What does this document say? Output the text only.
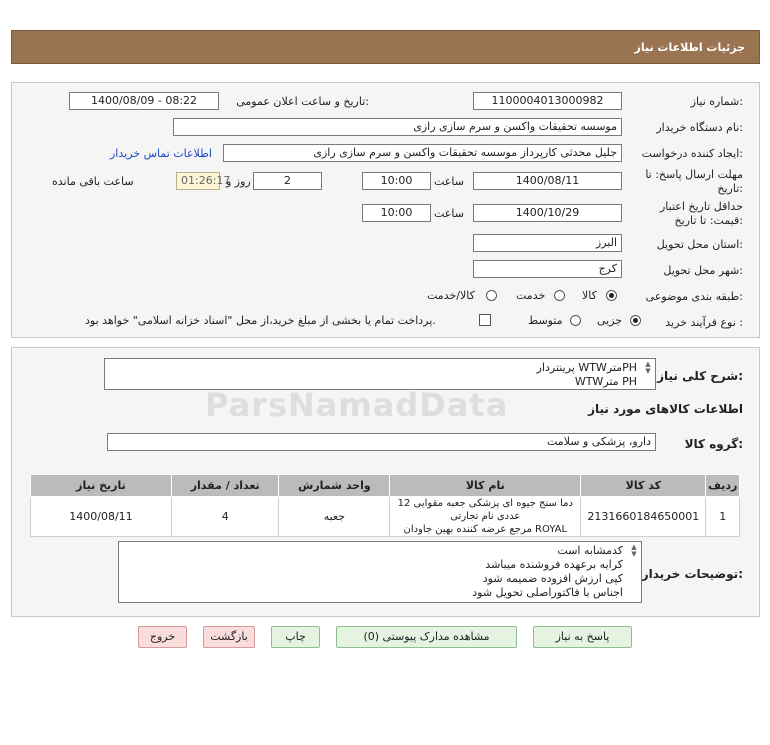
جزئیات اطلاعات نیاز
شماره نیاز:
1100004013000982
تاریخ و ساعت اعلان عمومی:
1400/08/09 - 08:22
نام دستگاه خریدار:
موسسه تحقیقات واکسن و سرم سازی رازی
ایجاد کننده درخواست:
جلیل محدثی کارپرداز موسسه تحقیقات واکسن و سرم سازی رازی
اطلاعات تماس خریدار
مهلت ارسال پاسخ: تا
تاریخ:
1400/08/11
ساعت
10:00
2
روز و
01:26:17
ساعت باقی مانده
حداقل تاریخ اعتبار
قیمت: تا تاریخ:
1400/10/29
ساعت
10:00
استان محل تحویل:
البرز
شهر محل تحویل:
کرج
طبقه بندی موضوعی:
کالا
خدمت
کالا/خدمت
نوع فرآیند خرید :
جزیی
متوسط
پرداخت تمام یا بخشی از مبلغ خرید،از محل "اسناد خزانه اسلامی" خواهد بود.
شرح کلی نیاز:
PHمترWTW پرینتردار
PH مترWTW
▲
▼
اطلاعات کالاهای مورد نیاز
گروه کالا:
دارو، پزشکی و سلامت
ردیف	کد کالا	نام کالا	واحد شمارش	تعداد / مقدار	تاریخ نیاز
1	2131660184650001	دما سنج جیوه ای پزشکی جعبه مقوایی 12 عددی نام تجارتی
ROYAL مرجع عرضه کننده بهین جاودان	جعبه	4	1400/08/11
توضیحات خریدار:
کدمشابه است
کرایه برعهده فروشنده میباشد
کپی ارزش افزوده ضمیمه شود
اجناس با فاکتوراصلی تحویل شود
▲
▼
پاسخ به نیاز
مشاهده مدارک پیوستی (0)
چاپ
بازگشت
خروج
ParsNamadData
